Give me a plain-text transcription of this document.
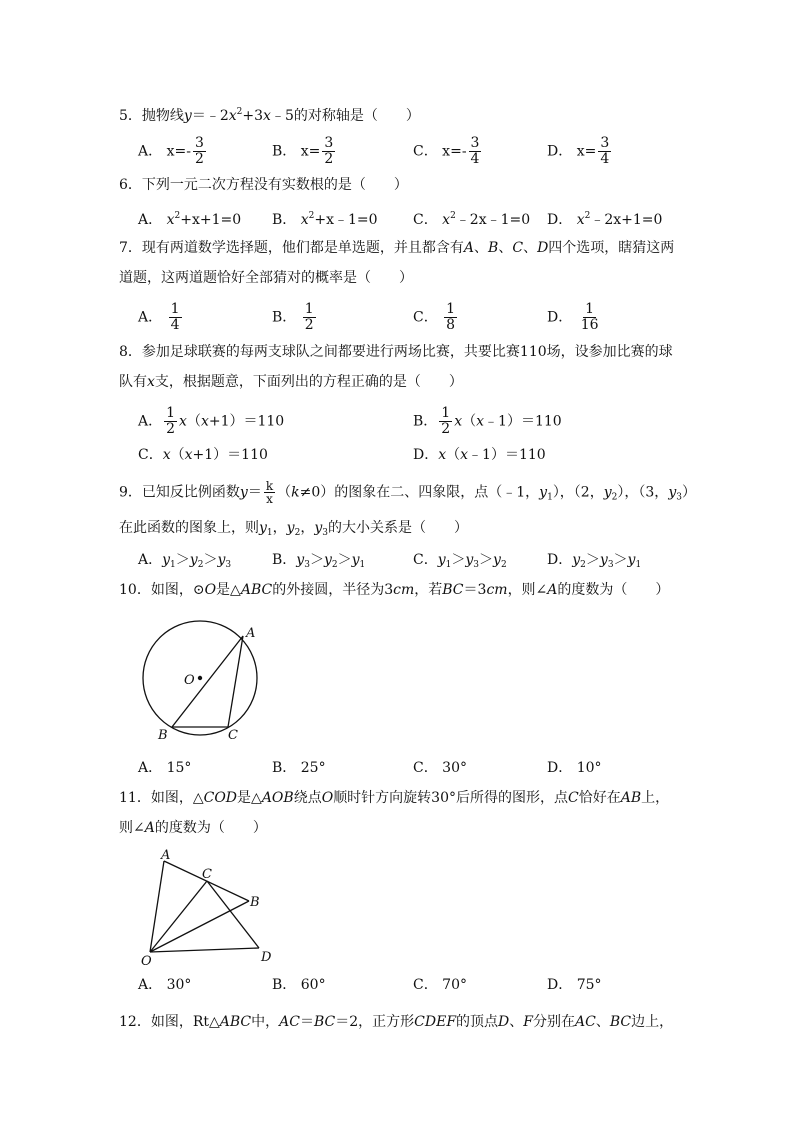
5．抛物线$y=﹣2x^2+3x﹣5$的对称轴是（　　）
A． $x=- \frac{3}{2}$	B． $x= \frac{3}{2}$	C． $x=- \frac{3}{4}$	D． $x= \frac{3}{4}$
6．下列一元二次方程没有实数根的是（　　）
A． $x^2+x+1=0$ B． $x^2+x﹣1=0$	C． $x^2﹣2x﹣1=0$ D． $x^2﹣2x+1=0$
7．现有两道数学选择题，他们都是单选题，并且都含有A、B、C、D四个选项，瞎猜这两
道题，这两道题恰好全部猜对的概率是（　　）
A． $\frac{1}{4}$	B． $\frac{1}{2}$	C． $\frac{1}{8}$	D． $\frac{1}{16}$
8．参加足球联赛的每两支球队之间都要进行两场比赛，共要比赛110场，设参加比赛的球
队有x支，根据题意，下面列出的方程正确的是（　　）
A． $\frac{1}{2} x(x+1)=110$	B． $\frac{1}{2}$ x（x﹣1）＝110
C．x（x+1）＝110	D．x（x﹣1）＝110
9．已知反比例函数$y= \frac{k}{x} (k\ne 0)$的图象在二、四象限，点（﹣1，$y_1$），（2，$y_2$），（3，$y_3$）
在此函数的图象上，则$y_1$，$y_2$，$y_3$的大小关系是（　　）
A．$y_1>y_2>y_3$	B．$y_3>y_2>y_1$	C．$y_1>y_3>y_2$	D．$y_2>y_3>y_1$
10．如图，⊙O是△ABC的外接圆，半径为3cm，若BC＝3cm，则∠A的度数为（　　）
O
A
B	C
A． 15°	B． 25°	C． 30°	D． 10°
11．如图，△COD是△AOB绕点O顺时针方向旋转30°后所得的图形，点C恰好在AB上，
则∠A的度数为（　　）
A
C
B
O	D
A． 30°	B． 60°	C． 70°	D． 75°
12．如图，Rt△ABC中，AC＝BC＝2，正方形CDEF的顶点D、F分别在AC、BC边上，
